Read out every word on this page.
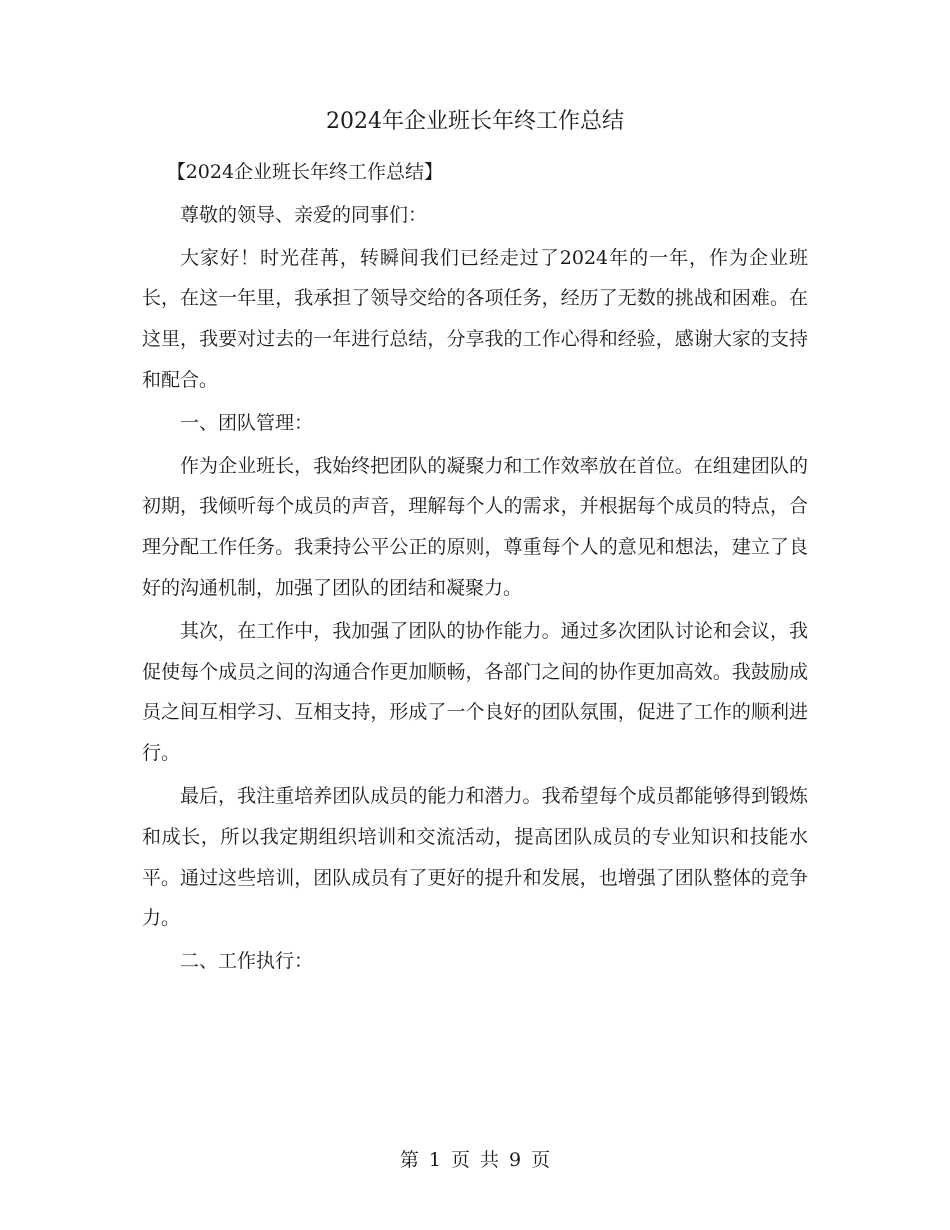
2024年企业班长年终工作总结

【2024企业班长年终工作总结】

尊敬的领导、亲爱的同事们：

大家好！时光荏苒，转瞬间我们已经走过了2024年的一年，作为企业班长，在这一年里，我承担了领导交给的各项任务，经历了无数的挑战和困难。在这里，我要对过去的一年进行总结，分享我的工作心得和经验，感谢大家的支持和配合。

一、团队管理：

作为企业班长，我始终把团队的凝聚力和工作效率放在首位。在组建团队的初期，我倾听每个成员的声音，理解每个人的需求，并根据每个成员的特点，合理分配工作任务。我秉持公平公正的原则，尊重每个人的意见和想法，建立了良好的沟通机制，加强了团队的团结和凝聚力。

其次，在工作中，我加强了团队的协作能力。通过多次团队讨论和会议，我促使每个成员之间的沟通合作更加顺畅，各部门之间的协作更加高效。我鼓励成员之间互相学习、互相支持，形成了一个良好的团队氛围，促进了工作的顺利进行。

最后，我注重培养团队成员的能力和潜力。我希望每个成员都能够得到锻炼和成长，所以我定期组织培训和交流活动，提高团队成员的专业知识和技能水平。通过这些培训，团队成员有了更好的提升和发展，也增强了团队整体的竞争力。

二、工作执行：

第 1 页 共 9 页
